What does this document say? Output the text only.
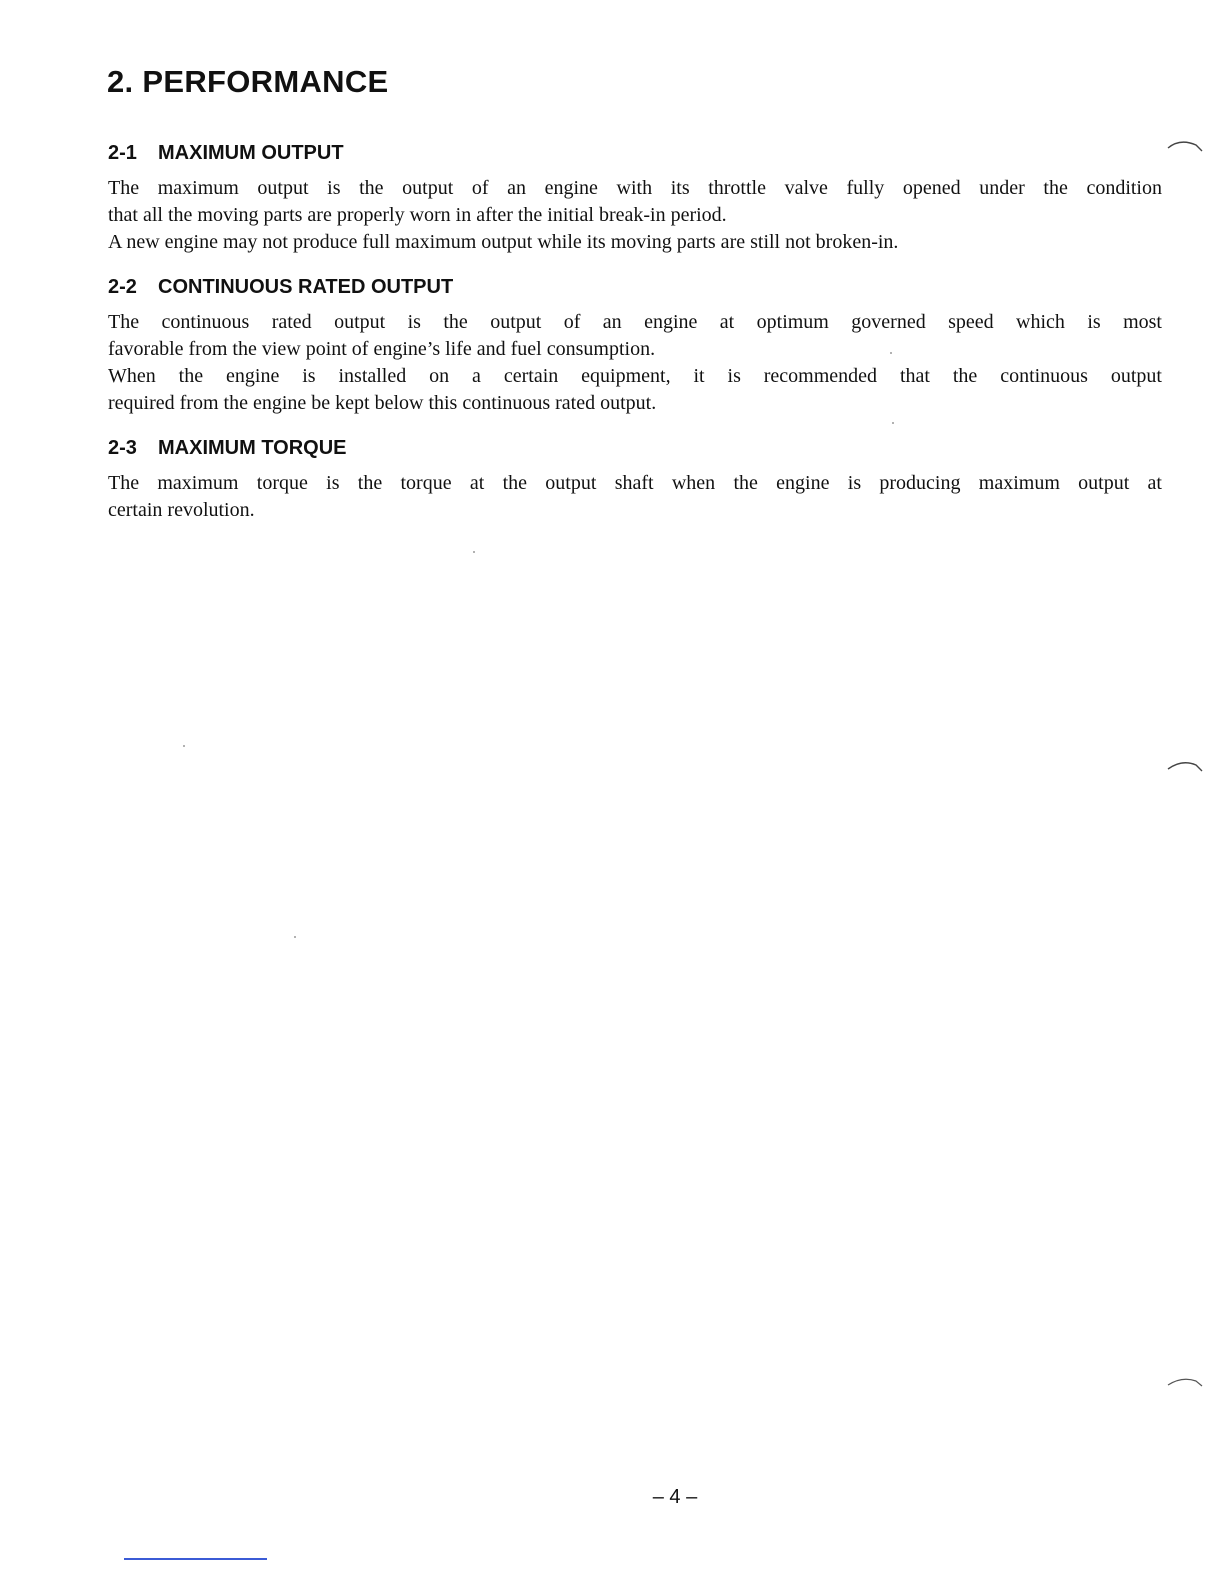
2. PERFORMANCE
2-1 MAXIMUM OUTPUT

The maximum output is the output of an engine with its throttle valve fully opened under the condition
that all the moving parts are properly worn in after the initial break-in period.
A new engine may not produce full maximum output while its moving parts are still not broken-in.

2-2 CONTINUOUS RATED OUTPUT

The continuous rated output is the output of an engine at optimum governed speed which is most
favorable from the view point of engine’s life and fuel consumption.
When the engine is installed on a certain equipment, it is recommended that the continuous output
required from the engine be kept below this continuous rated output.

2-3 MAXIMUM TORQUE

The maximum torque is the torque at the output shaft when the engine is producing maximum output at
certain revolution.

– 4 –
